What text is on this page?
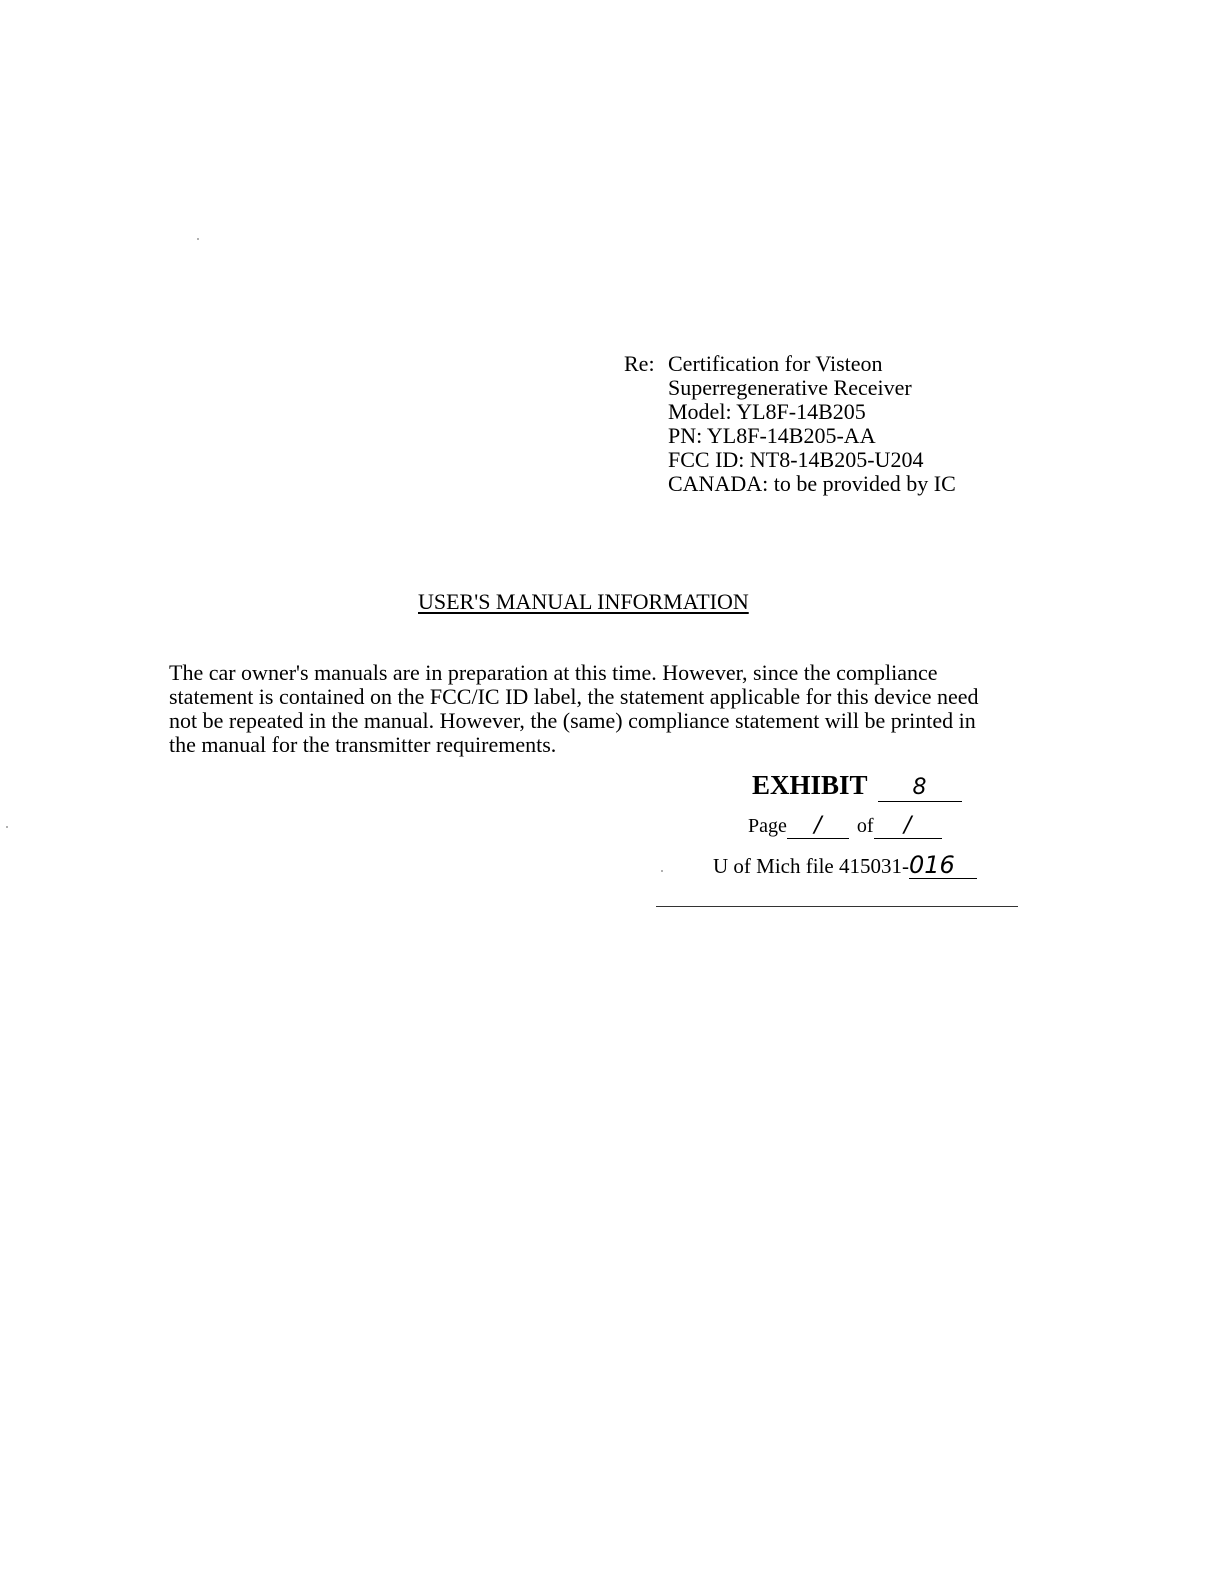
Re: Certification for Visteon
Superregenerative Receiver
Model: YL8F-14B205
PN: YL8F-14B205-AA
FCC ID: NT8-14B205-U204
CANADA: to be provided by IC
USER'S MANUAL INFORMATION
The car owner's manuals are in preparation at this time. However, since the compliance
statement is contained on the FCC/IC ID label, the statement applicable for this device need
not be repeated in the manual. However, the (same) compliance statement will be printed in
the manual for the transmitter requirements.
EXHIBIT 8
Page / of /
U of Mich file 415031-016
